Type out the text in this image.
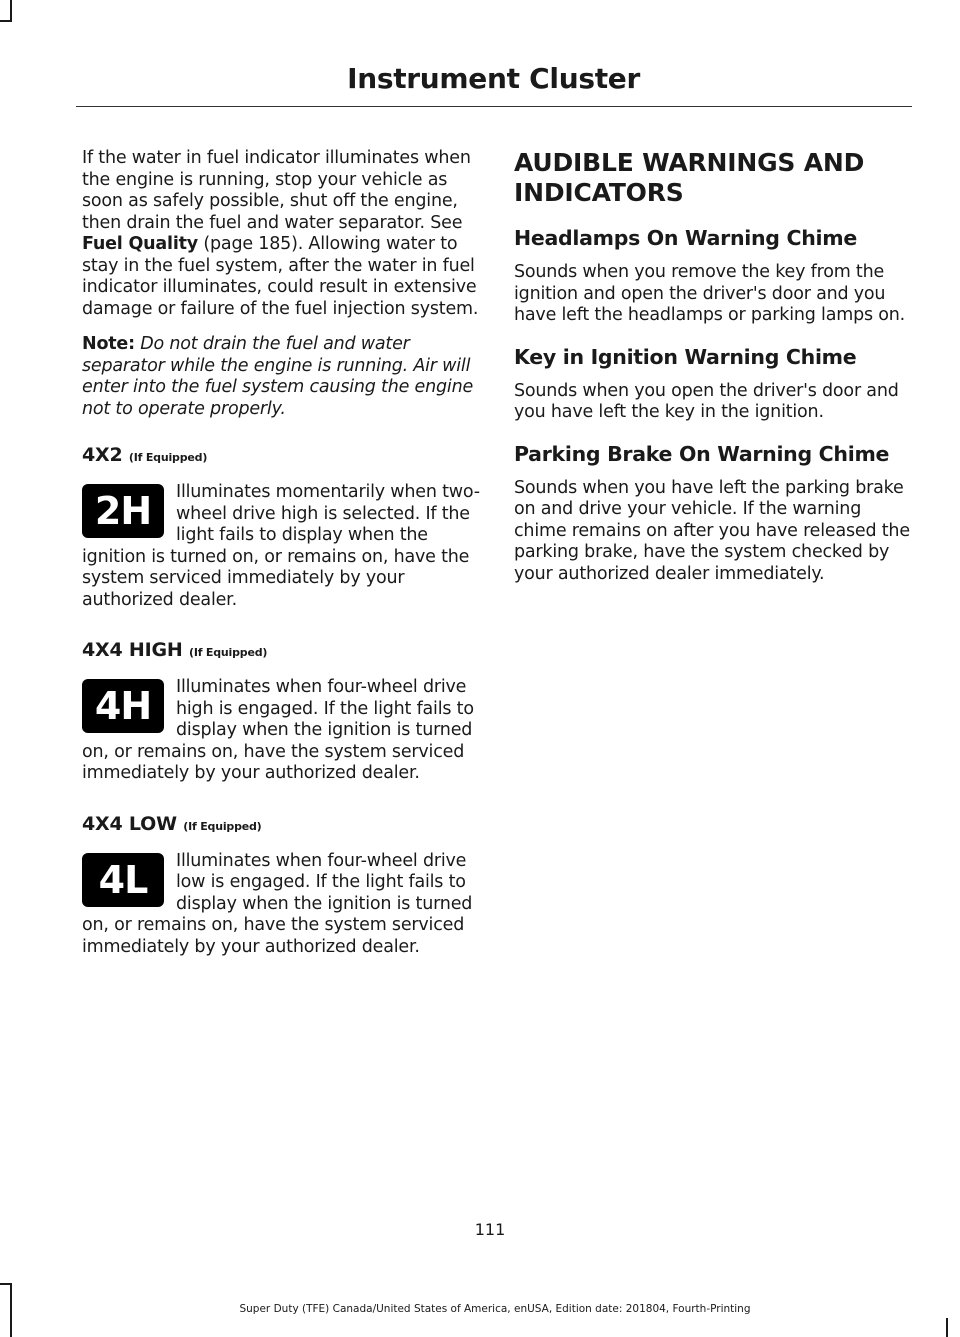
Instrument Cluster

If the water in fuel indicator illuminates when the engine is running, stop your vehicle as soon as safely possible, shut off the engine, then drain the fuel and water separator. See Fuel Quality (page 185). Allowing water to stay in the fuel system, after the water in fuel indicator illuminates, could result in extensive damage or failure of the fuel injection system.

Note: Do not drain the fuel and water separator while the engine is running. Air will enter into the fuel system causing the engine not to operate properly.

4X2 (If Equipped)
2H	Illuminates momentarily when two-wheel drive high is selected. If the light fails to display when the ignition is turned on, or remains on, have the system serviced immediately by your authorized dealer.

4X4 HIGH (If Equipped)
4H	Illuminates when four-wheel drive high is engaged. If the light fails to display when the ignition is turned on, or remains on, have the system serviced immediately by your authorized dealer.

4X4 LOW (If Equipped)
4L	Illuminates when four-wheel drive low is engaged. If the light fails to display when the ignition is turned on, or remains on, have the system serviced immediately by your authorized dealer.

AUDIBLE WARNINGS AND INDICATORS
Headlamps On Warning Chime

Sounds when you remove the key from the ignition and open the driver's door and you have left the headlamps or parking lamps on.

Key in Ignition Warning Chime

Sounds when you open the driver's door and you have left the key in the ignition.

Parking Brake On Warning Chime

Sounds when you have left the parking brake on and drive your vehicle. If the warning chime remains on after you have released the parking brake, have the system checked by your authorized dealer immediately.

111
Super Duty (TFE) Canada/United States of America, enUSA, Edition date: 201804, Fourth-Printing
